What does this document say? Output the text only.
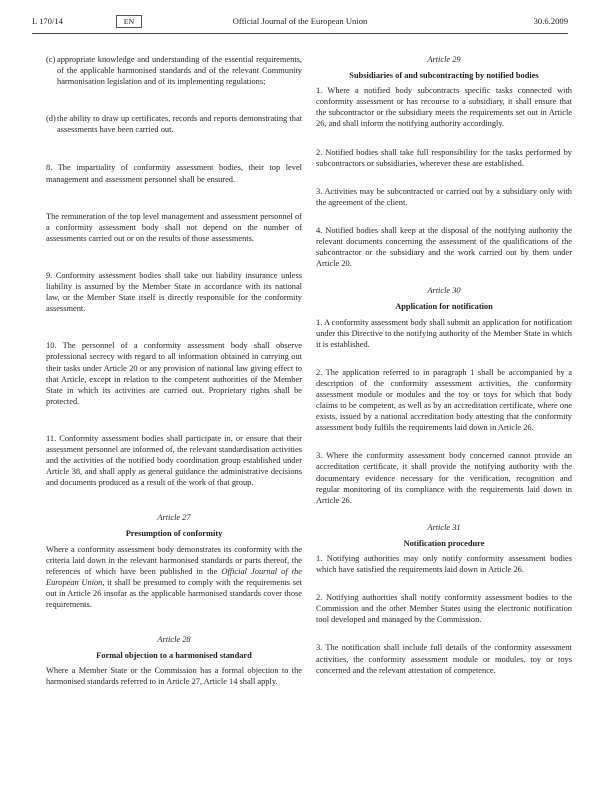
L 170/14	EN	Official Journal of the European Union	30.6.2009
(c) appropriate knowledge and understanding of the essential requirements, of the applicable harmonised standards and of the relevant Community harmonisation legislation and of its implementing regulations;
(d) the ability to draw up certificates, records and reports demonstrating that assessments have been carried out.

8. The impartiality of conformity assessment bodies, their top level management and assessment personnel shall be ensured.

The remuneration of the top level management and assessment personnel of a conformity assessment body shall not depend on the number of assessments carried out or on the results of those assessments.

9. Conformity assessment bodies shall take out liability insurance unless liability is assumed by the Member State in accordance with its national law, or the Member State itself is directly responsible for the conformity assessment.

10. The personnel of a conformity assessment body shall observe professional secrecy with regard to all information obtained in carrying out their tasks under Article 20 or any provision of national law giving effect to that Article, except in relation to the competent authorities of the Member State in which its activities are carried out. Proprietary rights shall be protected.

11. Conformity assessment bodies shall participate in, or ensure that their assessment personnel are informed of, the relevant standardisation activities and the activities of the notified body coordination group established under Article 38, and shall apply as general guidance the administrative decisions and documents produced as a result of the work of that group.

Article 27

Presumption of conformity

Where a conformity assessment body demonstrates its conformity with the criteria laid down in the relevant harmonised standards or parts thereof, the references of which have been published in the Official Journal of the European Union, it shall be presumed to comply with the requirements set out in Article 26 insofar as the applicable harmonised standards cover those requirements.

Article 28

Formal objection to a harmonised standard

Where a Member State or the Commission has a formal objection to the harmonised standards referred to in Article 27, Article 14 shall apply.

Article 29

Subsidiaries of and subcontracting by notified bodies

1. Where a notified body subcontracts specific tasks connected with conformity assessment or has recourse to a subsidiary, it shall ensure that the subcontractor or the subsidiary meets the requirements set out in Article 26, and shall inform the notifying authority accordingly.

2. Notified bodies shall take full responsibility for the tasks performed by subcontractors or subsidiaries, wherever these are established.

3. Activities may be subcontracted or carried out by a subsidiary only with the agreement of the client.

4. Notified bodies shall keep at the disposal of the notifying authority the relevant documents concerning the assessment of the qualifications of the subcontractor or the subsidiary and the work carried out by them under Article 20.

Article 30

Application for notification

1. A conformity assessment body shall submit an application for notification under this Directive to the notifying authority of the Member State in which it is established.

2. The application referred to in paragraph 1 shall be accompanied by a description of the conformity assessment activities, the conformity assessment module or modules and the toy or toys for which that body claims to be competent, as well as by an accreditation certificate, where one exists, issued by a national accreditation body attesting that the conformity assessment body fulfils the requirements laid down in Article 26.

3. Where the conformity assessment body concerned cannot provide an accreditation certificate, it shall provide the notifying authority with the documentary evidence necessary for the verification, recognition and regular monitoring of its compliance with the requirements laid down in Article 26.

Article 31

Notification procedure

1. Notifying authorities may only notify conformity assessment bodies which have satisfied the requirements laid down in Article 26.

2. Notifying authorities shall notify conformity assessment bodies to the Commission and the other Member States using the electronic notification tool developed and managed by the Commission.

3. The notification shall include full details of the conformity assessment activities, the conformity assessment module or modules, toy or toys concerned and the relevant attestation of competence.
